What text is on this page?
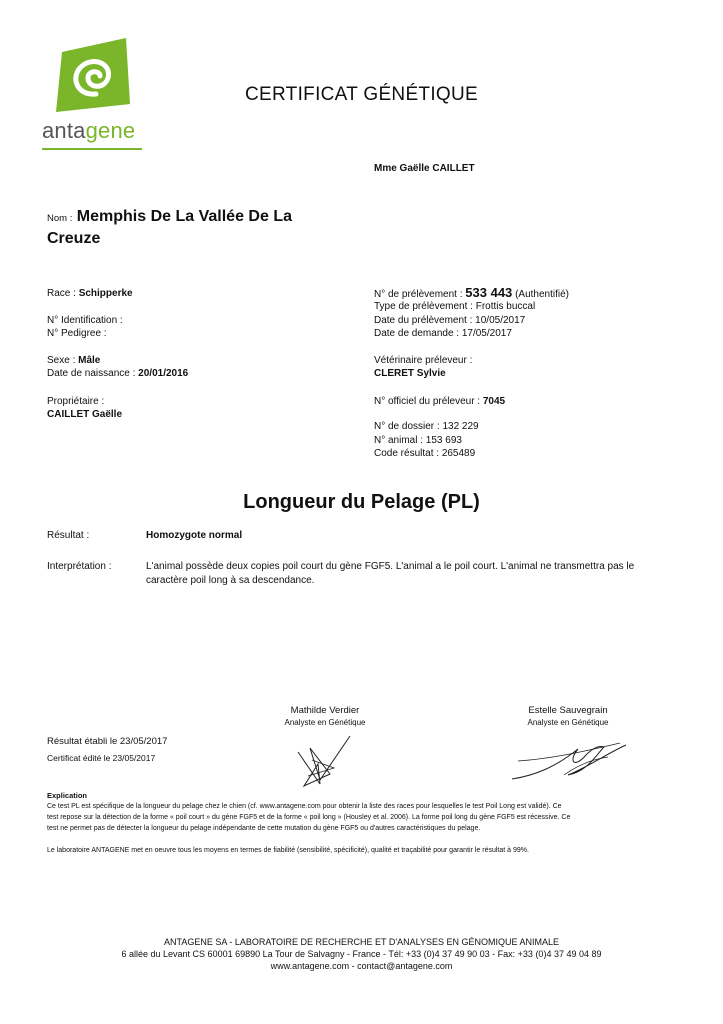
antagene
CERTIFICAT GÉNÉTIQUE
Mme Gaëlle CAILLET
Nom : Memphis De La Vallée De La
Creuze
Race : Schipperke
N° Identification :
N° Pedigree :
Sexe : Mâle
Date de naissance : 20/01/2016
Propriétaire :
CAILLET Gaëlle
N° de prélèvement : 533 443 (Authentifié)
Type de prélèvement : Frottis buccal
Date du prélèvement : 10/05/2017
Date de demande : 17/05/2017
Vétérinaire préleveur :
CLERET Sylvie
N° officiel du préleveur : 7045
N° de dossier : 132 229
N° animal : 153 693
Code résultat : 265489
Longueur du Pelage (PL)
Résultat :	Homozygote normal
Interprétation :	L'animal possède deux copies poil court du gène FGF5. L'animal a le poil court. L'animal ne transmettra pas le
caractère poil long à sa descendance.
Mathilde Verdier
Analyste en Génétique
Estelle Sauvegrain
Analyste en Génétique
Résultat établi le 23/05/2017
Certificat édité le 23/05/2017
Explication
Ce test PL est spécifique de la longueur du pelage chez le chien (cf. www.antagene.com pour obtenir la liste des races pour lesquelles le test Poil Long est validé). Ce
test repose sur la détection de la forme « poil court » du gène FGF5 et de la forme « poil long » (Housley et al. 2006). La forme poil long du gène FGF5 est récessive. Ce
test ne permet pas de détecter la longueur du pelage indépendante de cette mutation du gène FGF5 ou d'autres caractéristiques du pelage.
Le laboratoire ANTAGENE met en oeuvre tous les moyens en termes de fiabilité (sensibilité, spécificité), qualité et traçabilité pour garantir le résultat à 99%.
ANTAGENE SA - LABORATOIRE DE RECHERCHE ET D'ANALYSES EN GÉNOMIQUE ANIMALE
6 allée du Levant CS 60001 69890 La Tour de Salvagny - France - Tél: +33 (0)4 37 49 90 03 - Fax: +33 (0)4 37 49 04 89
www.antagene.com - contact@antagene.com
